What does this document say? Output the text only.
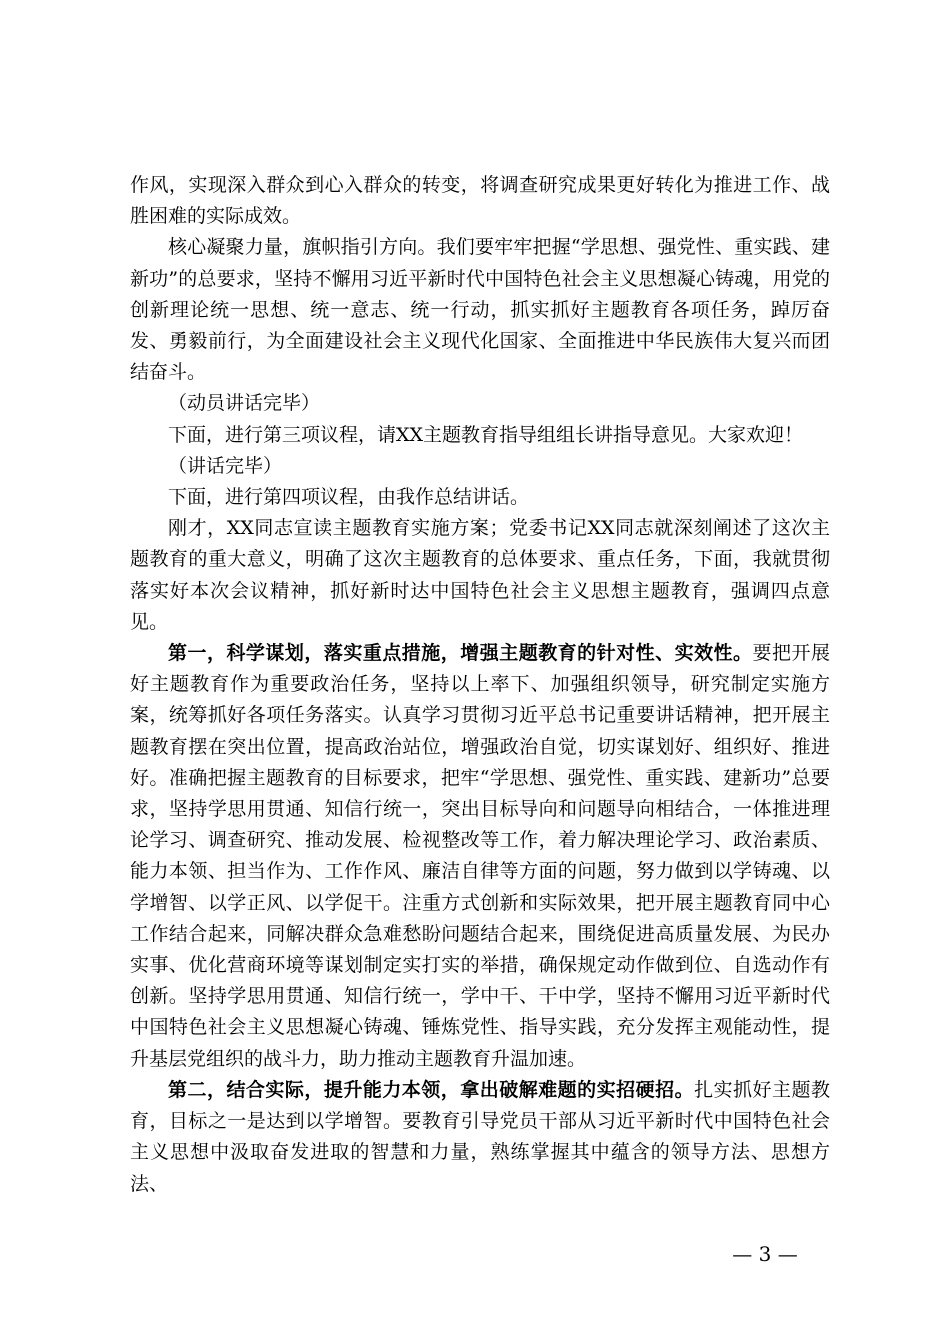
作风，实现深入群众到心入群众的转变，将调查研究成果更好转化为推进工作、战胜困难的实际成效。

核心凝聚力量，旗帜指引方向。我们要牢牢把握“学思想、强党性、重实践、建新功”的总要求，坚持不懈用习近平新时代中国特色社会主义思想凝心铸魂，用党的创新理论统一思想、统一意志、统一行动，抓实抓好主题教育各项任务，踔厉奋发、勇毅前行，为全面建设社会主义现代化国家、全面推进中华民族伟大复兴而团结奋斗。

（动员讲话完毕）

下面，进行第三项议程，请XX主题教育指导组组长讲指导意见。大家欢迎！

（讲话完毕）

下面，进行第四项议程，由我作总结讲话。

刚才，XX同志宣读主题教育实施方案；党委书记XX同志就深刻阐述了这次主题教育的重大意义，明确了这次主题教育的总体要求、重点任务，下面，我就贯彻落实好本次会议精神，抓好新时达中国特色社会主义思想主题教育，强调四点意见。

第一，科学谋划，落实重点措施，增强主题教育的针对性、实效性。要把开展好主题教育作为重要政治任务，坚持以上率下、加强组织领导，研究制定实施方案，统筹抓好各项任务落实。认真学习贯彻习近平总书记重要讲话精神，把开展主题教育摆在突出位置，提高政治站位，增强政治自觉，切实谋划好、组织好、推进好。准确把握主题教育的目标要求，把牢“学思想、强党性、重实践、建新功”总要求，坚持学思用贯通、知信行统一，突出目标导向和问题导向相结合，一体推进理论学习、调查研究、推动发展、检视整改等工作，着力解决理论学习、政治素质、能力本领、担当作为、工作作风、廉洁自律等方面的问题，努力做到以学铸魂、以学增智、以学正风、以学促干。注重方式创新和实际效果，把开展主题教育同中心工作结合起来，同解决群众急难愁盼问题结合起来，围绕促进高质量发展、为民办实事、优化营商环境等谋划制定实打实的举措，确保规定动作做到位、自选动作有创新。坚持学思用贯通、知信行统一，学中干、干中学，坚持不懈用习近平新时代中国特色社会主义思想凝心铸魂、锤炼党性、指导实践，充分发挥主观能动性，提升基层党组织的战斗力，助力推动主题教育升温加速。

第二，结合实际，提升能力本领，拿出破解难题的实招硬招。扎实抓好主题教育，目标之一是达到以学增智。要教育引导党员干部从习近平新时代中国特色社会主义思想中汲取奋发进取的智慧和力量，熟练掌握其中蕴含的领导方法、思想方法、

— 3 —
